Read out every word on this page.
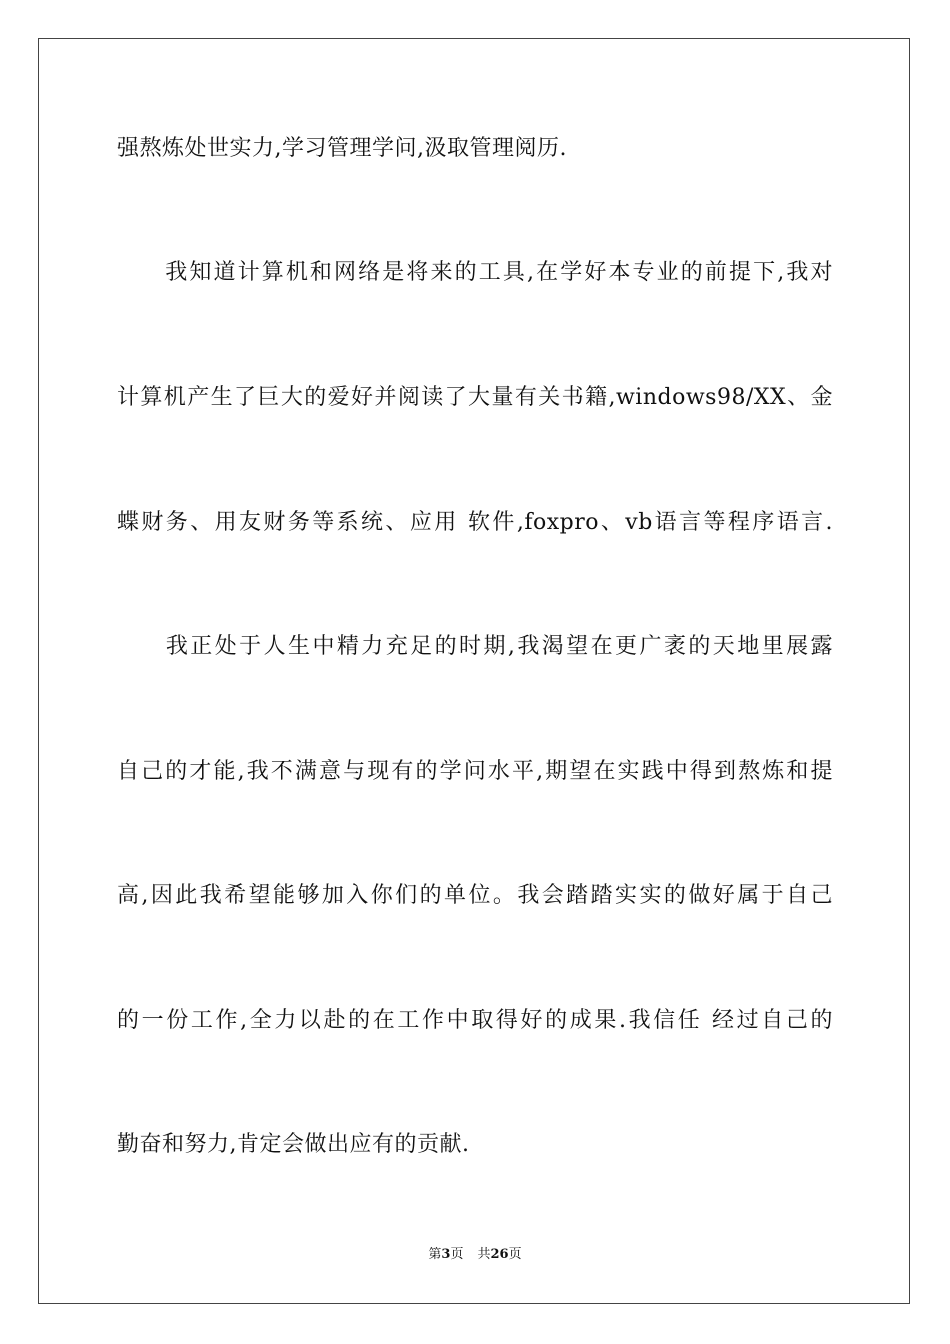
强熬炼处世实力,学习管理学问,汲取管理阅历.
　　我知道计算机和网络是将来的工具,在学好本专业的前提下,我对
计算机产生了巨大的爱好并阅读了大量有关书籍,windows98/XX、金
蝶财务、用友财务等系统、应用 软件,foxpro、vb语言等程序语言.
　　我正处于人生中精力充足的时期,我渴望在更广袤的天地里展露
自己的才能,我不满意与现有的学问水平,期望在实践中得到熬炼和提
高,因此我希望能够加入你们的单位。我会踏踏实实的做好属于自己
的一份工作,全力以赴的在工作中取得好的成果.我信任 经过自己的
勤奋和努力,肯定会做出应有的贡献.
第3页 共26页
